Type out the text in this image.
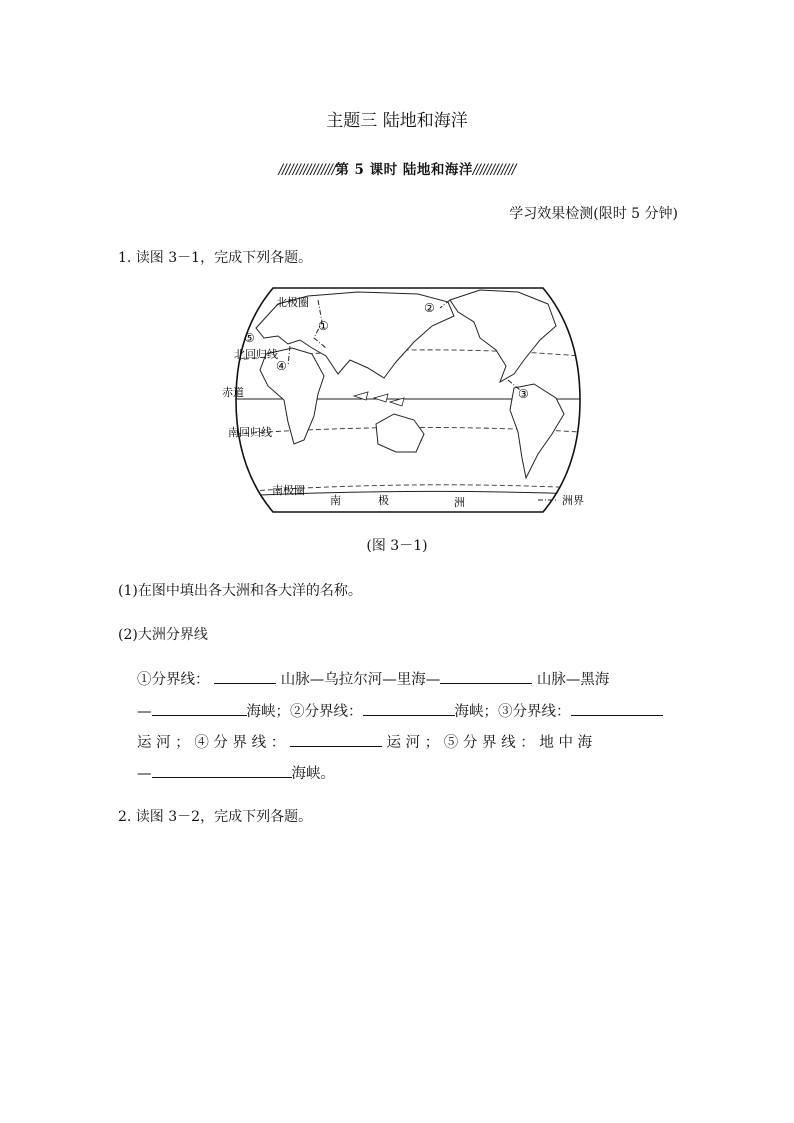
主题三 陆地和海洋
////////////////第 5 课时 陆地和海洋////////////
学习效果检测(限时 5 分钟)
1. 读图 3－1，完成下列各题。
北极圈
北回归线
赤道
南回归线
南极圈
南	极	洲
①
②
③
④
⑤
洲界
(图 3－1)
(1)在图中填出各大洲和各大洋的名称。
(2)大洲分界线
①分界线：	山脉—乌拉尔河—里海—	山脉—黑海
—	海峡；②分界线：	海峡；③分界线：
运 河 ； ④ 分 界 线 ：	运 河 ； ⑤ 分 界 线 ： 地 中 海
—	海峡。
2. 读图 3－2，完成下列各题。
